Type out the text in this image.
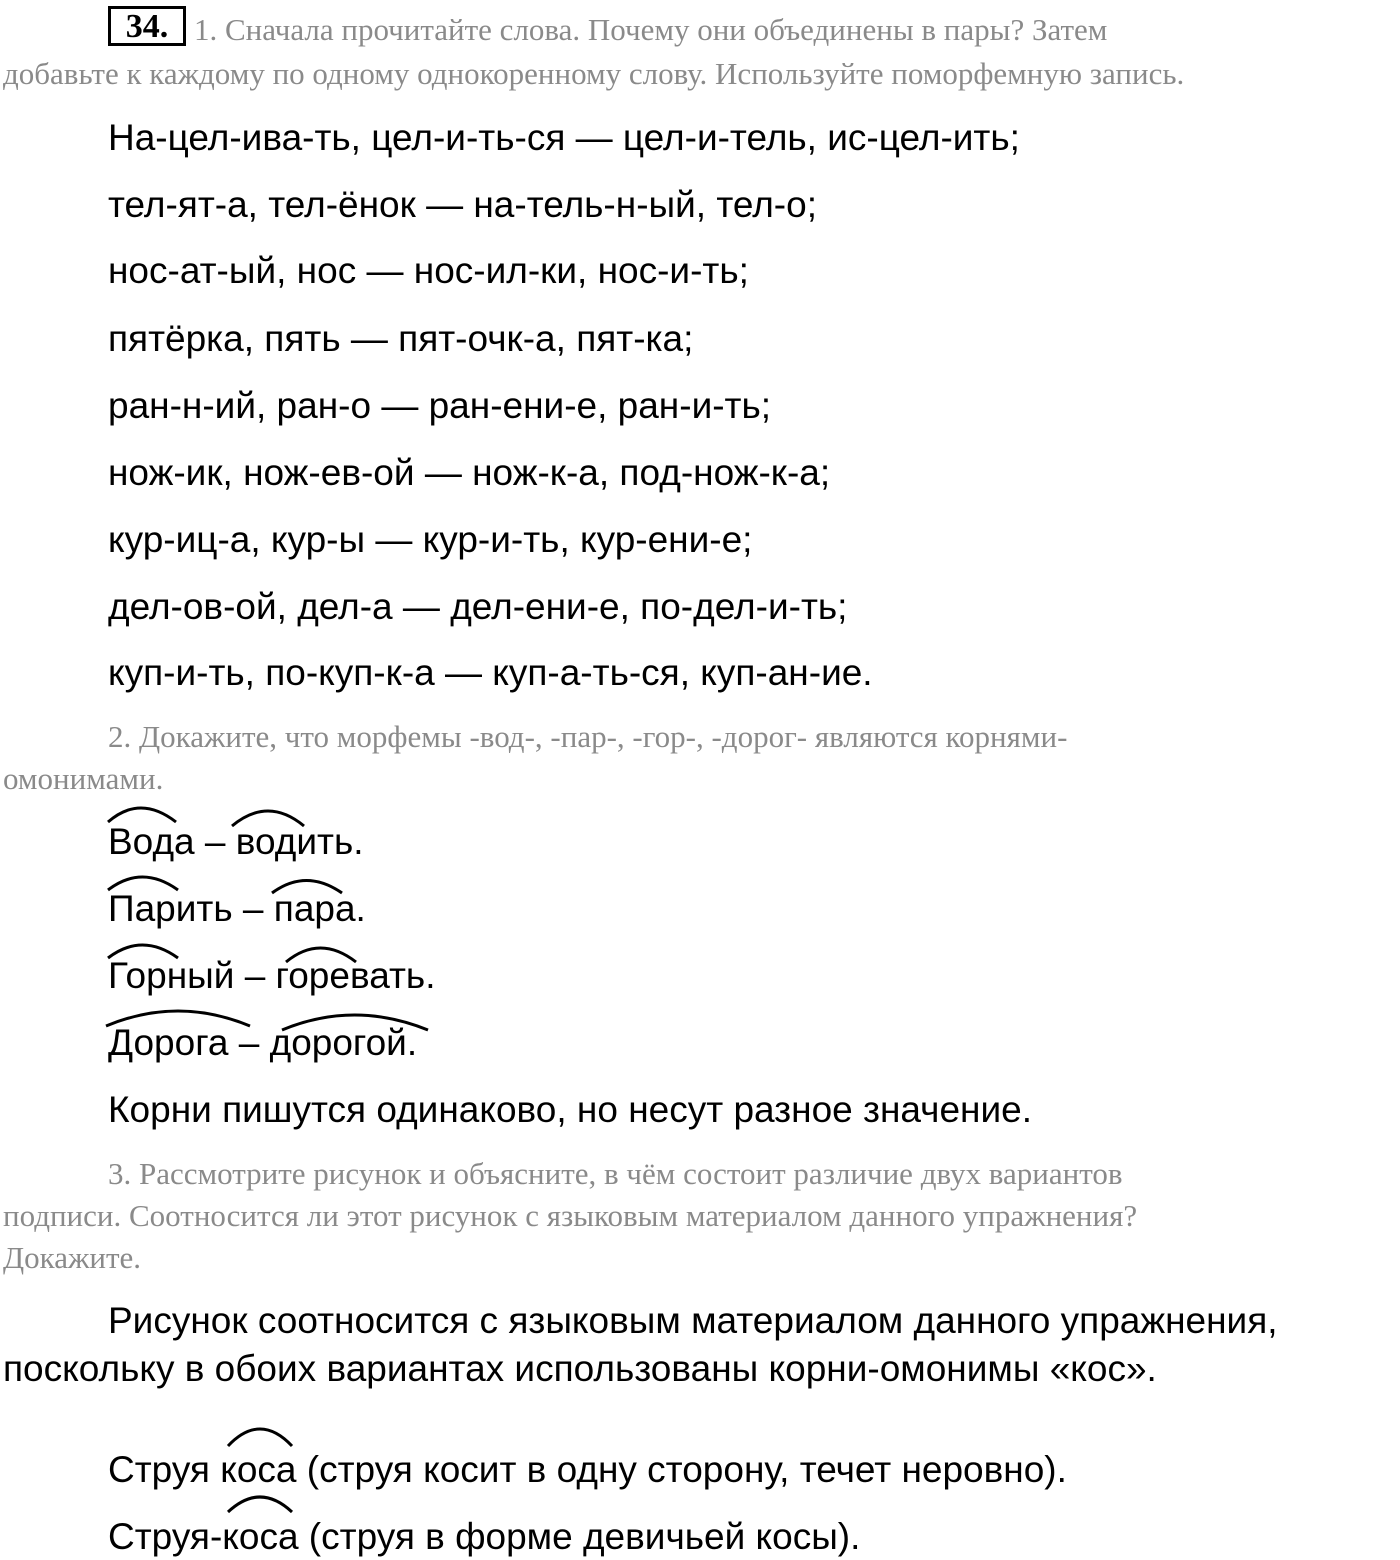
34. 1. Сначала прочитайте слова. Почему они объединены в пары? Затем
добавьте к каждому по одному однокоренному слову. Используйте поморфемную запись.
На-цел-ива-ть, цел-и-ть-ся — цел-и-тель, ис-цел-ить;
тел-ят-а, тел-ёнок — на-тель-н-ый, тел-о;
нос-ат-ый, нос — нос-ил-ки, нос-и-ть;
пятёрка, пять — пят-очк-а, пят-ка;
ран-н-ий, ран-о — ран-ени-е, ран-и-ть;
нож-ик, нож-ев-ой — нож-к-а, под-нож-к-а;
кур-иц-а, кур-ы — кур-и-ть, кур-ени-е;
дел-ов-ой, дел-а — дел-ени-е, по-дел-и-ть;
куп-и-ть, по-куп-к-а — куп-а-ть-ся, куп-ан-ие.
2. Докажите, что морфемы -вод-, -пар-, -гор-, -дорог- являются корнями-
омонимами.
Вода – водить.
Парить – пара.
Горный – горевать.
Дорога – дорогой.
Корни пишутся одинаково, но несут разное значение.
3. Рассмотрите рисунок и объясните, в чём состоит различие двух вариантов
подписи. Соотносится ли этот рисунок с языковым материалом данного упражнения?
Докажите.
Рисунок соотносится с языковым материалом данного упражнения,
поскольку в обоих вариантах использованы корни-омонимы «кос».
Струя коса (струя косит в одну сторону, течет неровно).
Струя-коса (струя в форме девичьей косы).
